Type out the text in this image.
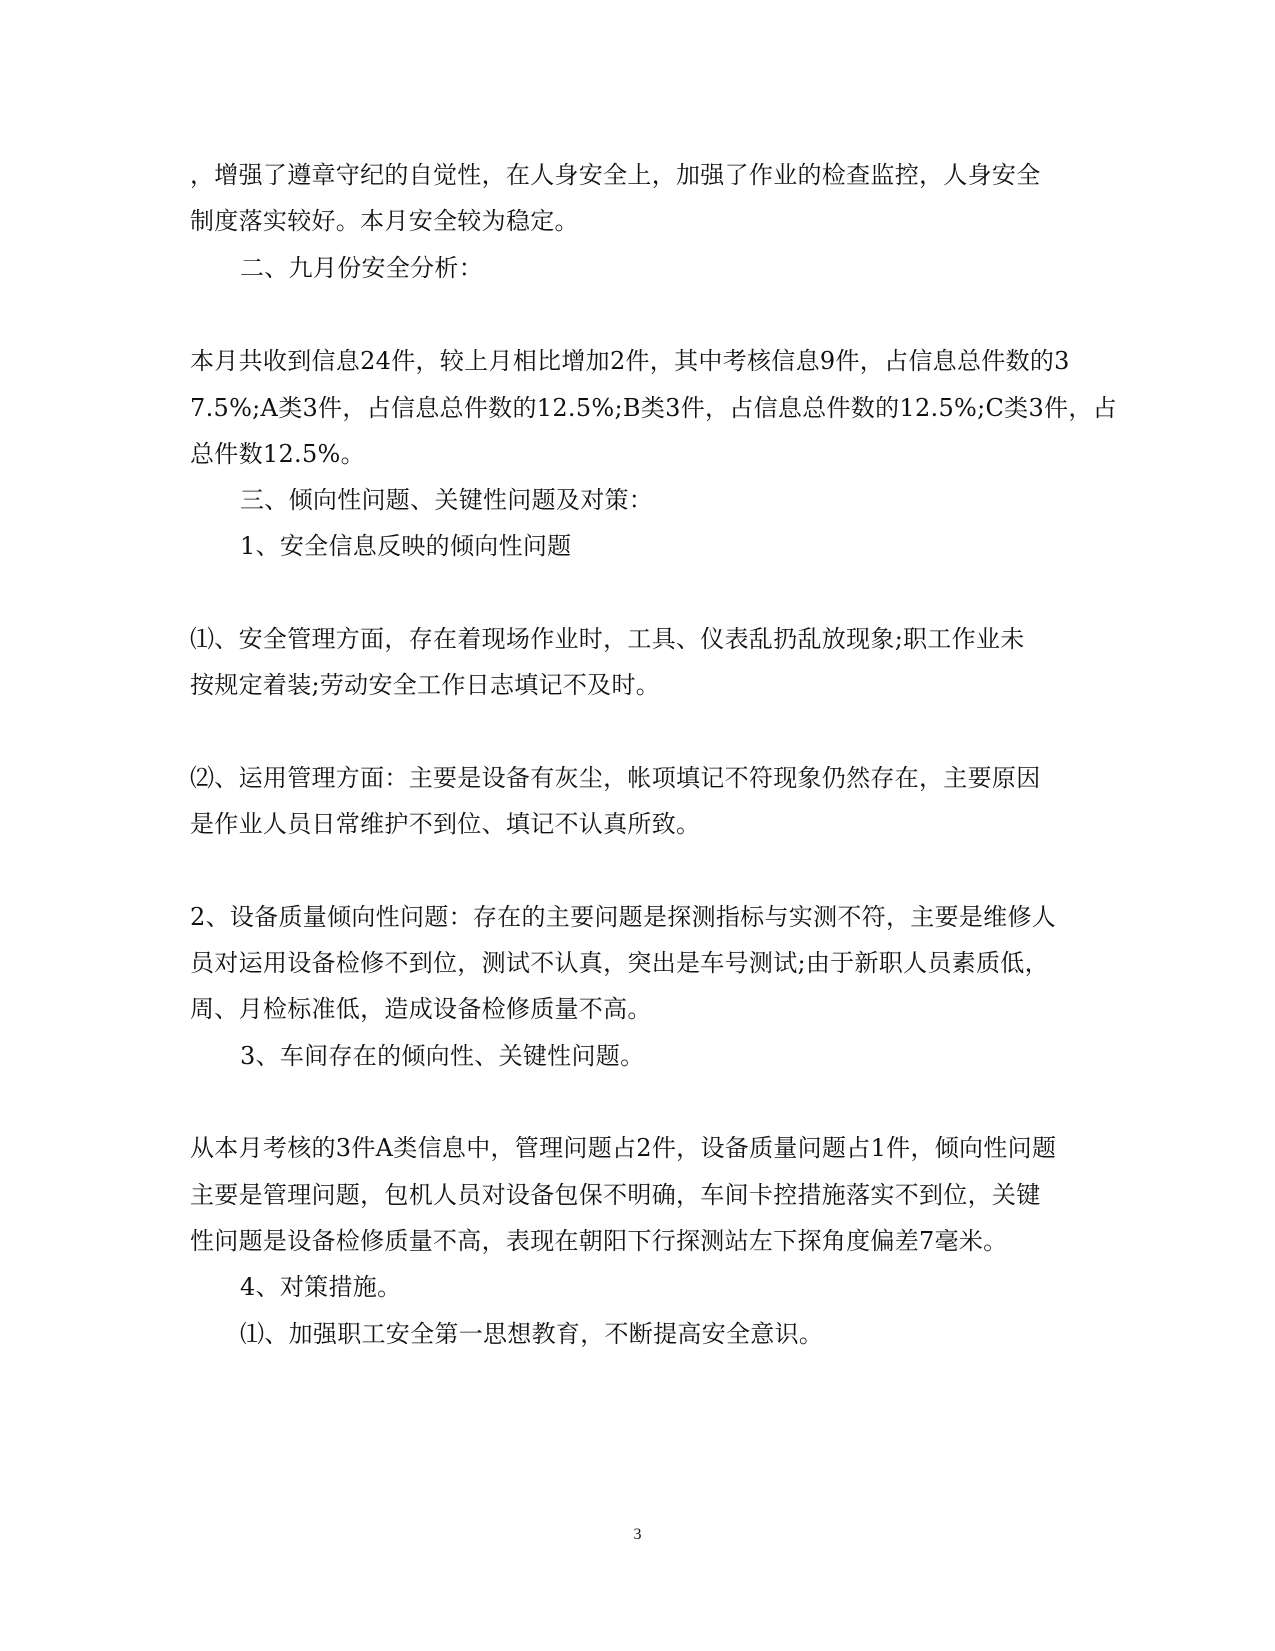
，增强了遵章守纪的自觉性，在人身安全上，加强了作业的检查监控，人身安全
制度落实较好。本月安全较为稳定。
二、九月份安全分析：
本月共收到信息24件，较上月相比增加2件，其中考核信息9件，占信息总件数的3
7.5%;A类3件，占信息总件数的12.5%;B类3件，占信息总件数的12.5%;C类3件，占
总件数12.5%。
三、倾向性问题、关键性问题及对策：
1、安全信息反映的倾向性问题
⑴、安全管理方面，存在着现场作业时，工具、仪表乱扔乱放现象;职工作业未
按规定着装;劳动安全工作日志填记不及时。
⑵、运用管理方面：主要是设备有灰尘，帐项填记不符现象仍然存在，主要原因
是作业人员日常维护不到位、填记不认真所致。
2、设备质量倾向性问题：存在的主要问题是探测指标与实测不符，主要是维修人
员对运用设备检修不到位，测试不认真，突出是车号测试;由于新职人员素质低，
周、月检标准低，造成设备检修质量不高。
3、车间存在的倾向性、关键性问题。
从本月考核的3件A类信息中，管理问题占2件，设备质量问题占1件，倾向性问题
主要是管理问题，包机人员对设备包保不明确，车间卡控措施落实不到位，关键
性问题是设备检修质量不高，表现在朝阳下行探测站左下探角度偏差7毫米。
4、对策措施。
⑴、加强职工安全第一思想教育，不断提高安全意识。
3
